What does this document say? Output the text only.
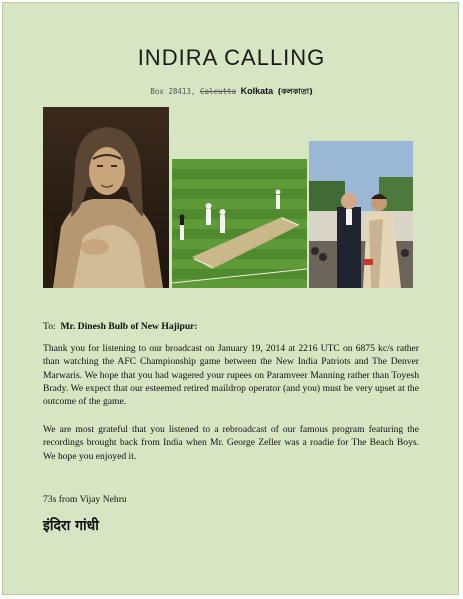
INDIRA CALLING
Box 28413, Calcutta Kolkata (কলকাতা)
To: Mr. Dinesh Bulb of New Hajipur:
Thank you for listening to our broadcast on January 19, 2014 at 2216 UTC on 6875 kc/s rather than watching the AFC Championship game between the New India Patriots and The Denver Marwaris. We hope that you had wagered your rupees on Paramveer Manning rather than Toyesh Brady. We expect that our esteemed retired maildrop operator (and you) must be very upset at the outcome of the game.
We are most grateful that you listened to a rebroadcast of our famous program featuring the recordings brought back from India when Mr. George Zeller was a roadie for The Beach Boys. We hope you enjoyed it.
73s from Vijay Nehru
इंदिरा गांधी
